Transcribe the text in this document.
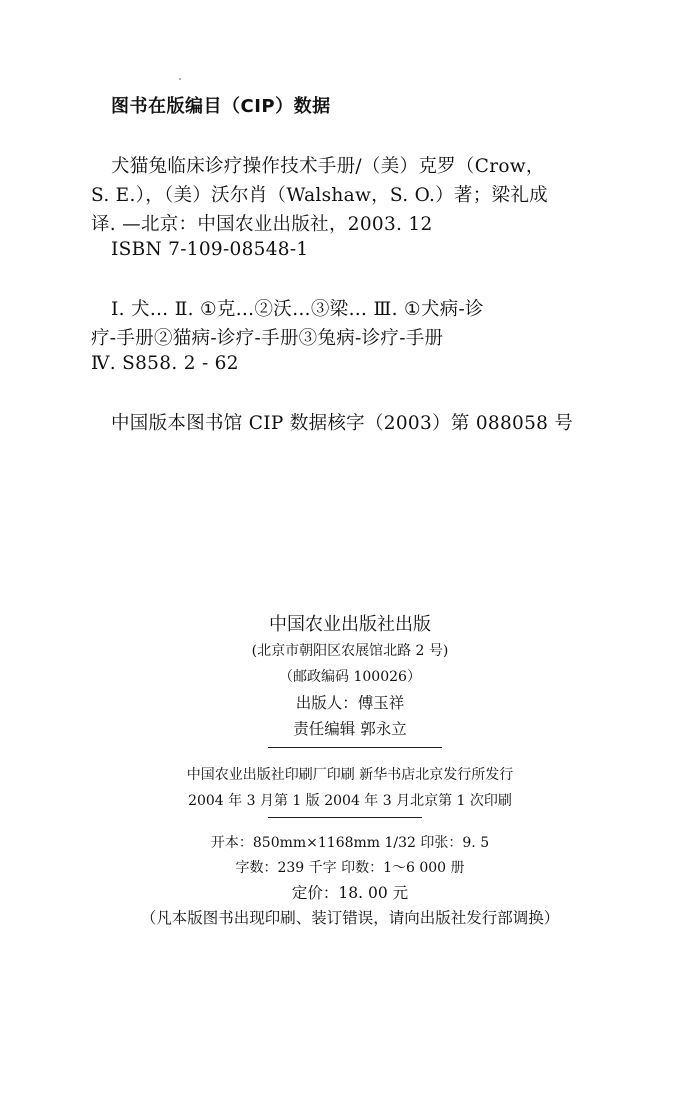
图书在版编目（CIP）数据
犬猫兔临床诊疗操作技术手册/（美）克罗（Crow，
S. E.），（美）沃尔肖（Walshaw，S. O.）著；梁礼成
译. —北京：中国农业出版社，2003. 12
ISBN 7-109-08548-1
Ⅰ. 犬… Ⅱ. ①克…②沃…③梁… Ⅲ. ①犬病-诊
疗-手册②猫病-诊疗-手册③兔病-诊疗-手册
Ⅳ. S858. 2 - 62
中国版本图书馆 CIP 数据核字（2003）第 088058 号
中国农业出版社出版
(北京市朝阳区农展馆北路 2 号)
（邮政编码 100026）
出版人：傅玉祥
责任编辑 郭永立
中国农业出版社印刷厂印刷 新华书店北京发行所发行
2004 年 3 月第 1 版 2004 年 3 月北京第 1 次印刷
开本：850mm×1168mm 1/32 印张：9. 5
字数：239 千字 印数：1～6 000 册
定价：18. 00 元
（凡本版图书出现印刷、装订错误，请向出版社发行部调换）
